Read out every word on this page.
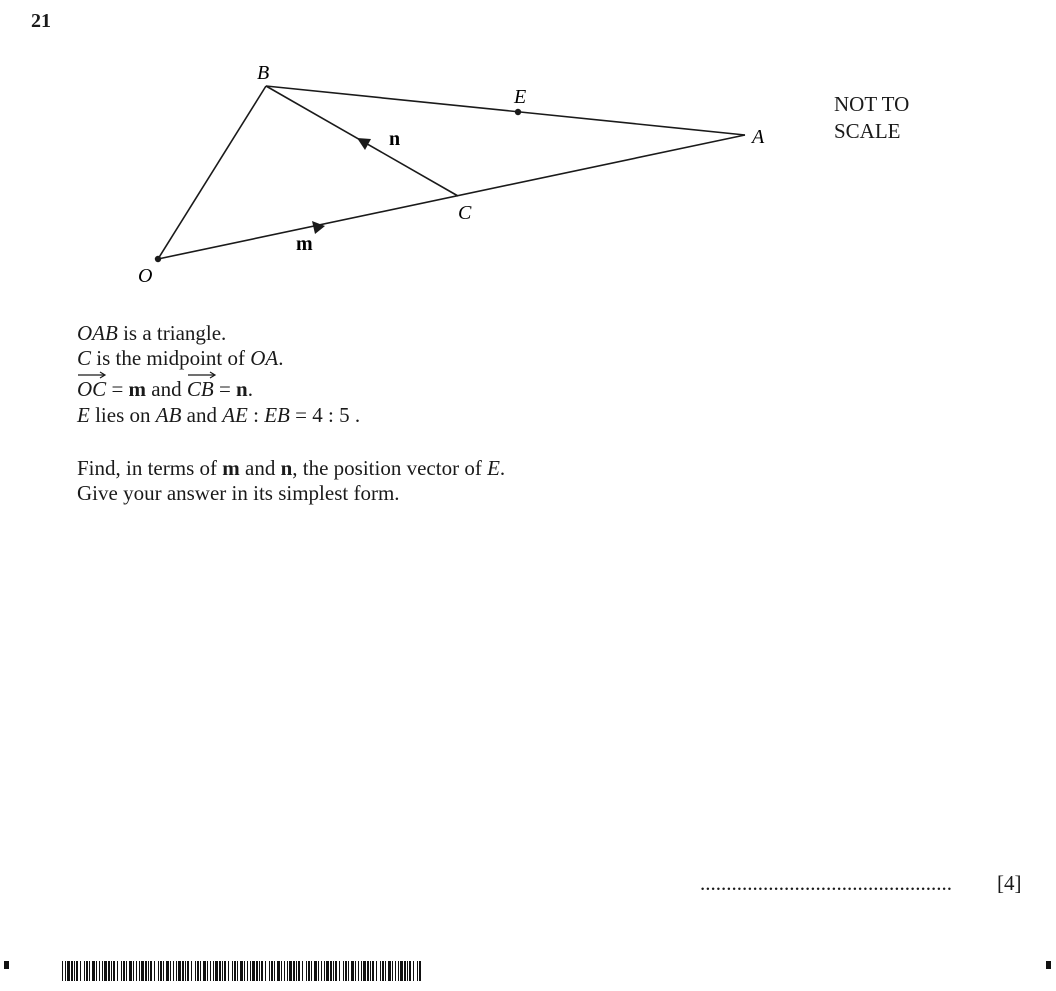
21
B
E
A
C
O
n
m
NOT TO
SCALE
OAB is a triangle.
C is the midpoint of OA.
OC = m and
CB = n.
E lies on AB and AE : EB = 4 : 5 .
Find, in terms of m and n, the position vector of E.
Give your answer in its simplest form.
................................................ [4]
